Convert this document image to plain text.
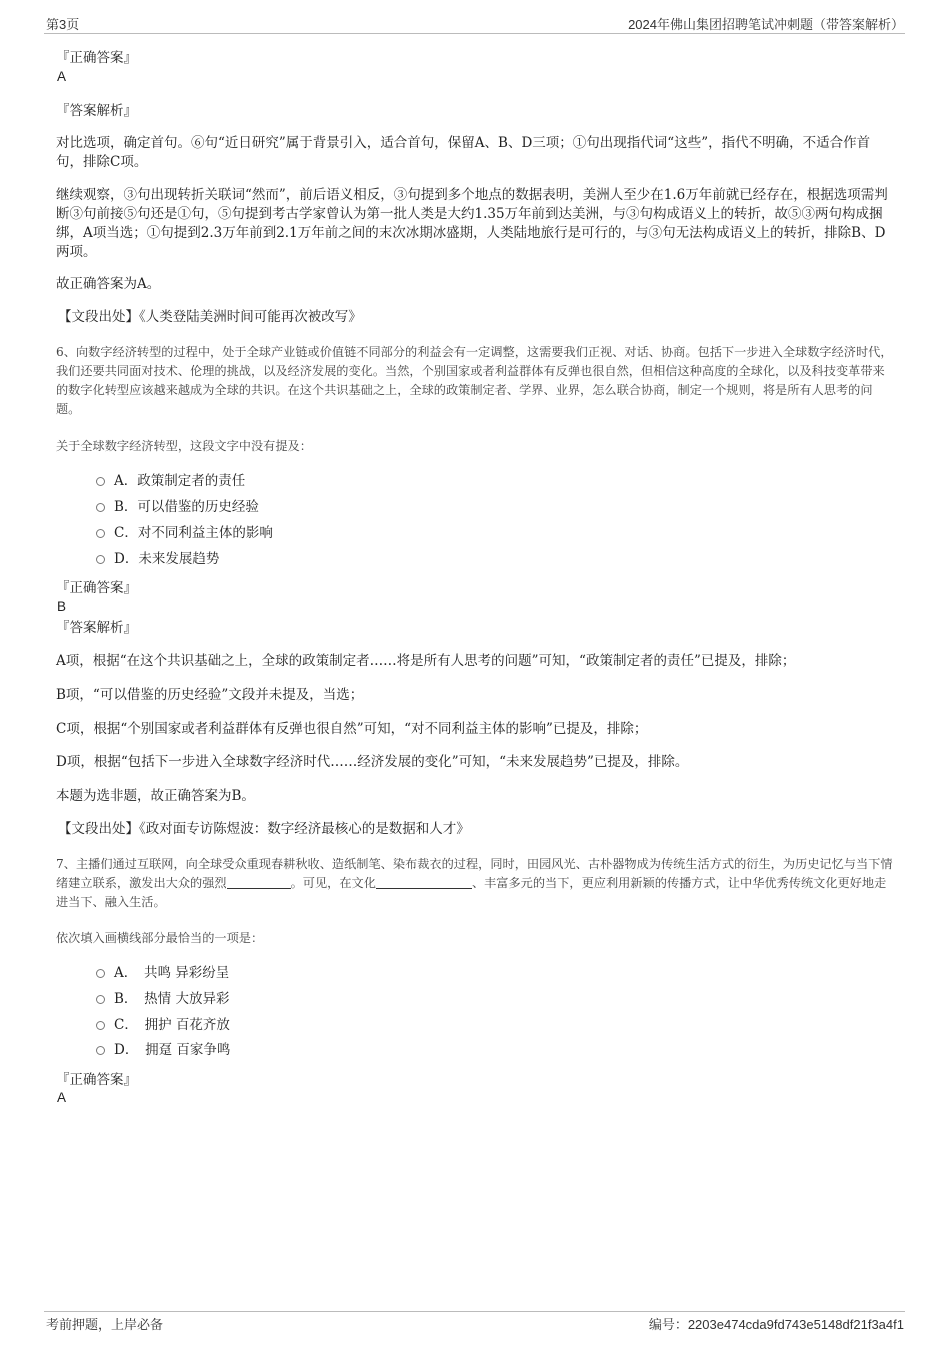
第3页	2024年佛山集团招聘笔试冲刺题（带答案解析）
『正确答案』
A
『答案解析』
对比选项，确定首句。⑥句“近日研究”属于背景引入，适合首句，保留A、B、D三项；①句出现指代词“这些”，指代不明确，不适合作首句，排除C项。
继续观察，③句出现转折关联词“然而”，前后语义相反，③句提到多个地点的数据表明，美洲人至少在1.6万年前就已经存在，根据选项需判断③句前接⑤句还是①句，⑤句提到考古学家曾认为第一批人类是大约1.35万年前到达美洲，与③句构成语义上的转折，故⑤③两句构成捆绑，A项当选；①句提到2.3万年前到2.1万年前之间的末次冰期冰盛期，人类陆地旅行是可行的，与③句无法构成语义上的转折，排除B、D两项。
故正确答案为A。
【文段出处】《人类登陆美洲时间可能再次被改写》
6、向数字经济转型的过程中，处于全球产业链或价值链不同部分的利益会有一定调整，这需要我们正视、对话、协商。包括下一步进入全球数字经济时代，我们还要共同面对技术、伦理的挑战，以及经济发展的变化。当然，个别国家或者利益群体有反弹也很自然，但相信这种高度的全球化，以及科技变革带来的数字化转型应该越来越成为全球的共识。在这个共识基础之上，全球的政策制定者、学界、业界，怎么联合协商，制定一个规则，将是所有人思考的问题。
关于全球数字经济转型，这段文字中没有提及：
A．政策制定者的责任
B．可以借鉴的历史经验
C．对不同利益主体的影响
D．未来发展趋势
『正确答案』
B
『答案解析』
A项，根据“在这个共识基础之上，全球的政策制定者……将是所有人思考的问题”可知，“政策制定者的责任”已提及，排除；
B项，“可以借鉴的历史经验”文段并未提及，当选；
C项，根据“个别国家或者利益群体有反弹也很自然”可知，“对不同利益主体的影响”已提及，排除；
D项，根据“包括下一步进入全球数字经济时代……经济发展的变化”可知，“未来发展趋势”已提及，排除。
本题为选非题，故正确答案为B。
【文段出处】《政对面专访陈煜波：数字经济最核心的是数据和人才》
7、主播们通过互联网，向全球受众重现春耕秋收、造纸制笔、染布裁衣的过程，同时，田园风光、古朴器物成为传统生活方式的衍生，为历史记忆与当下情绪建立联系，激发出大众的强烈	。可见，在文化	、丰富多元的当下，更应利用新颖的传播方式，让中华优秀传统文化更好地走进当下、融入生活。
依次填入画横线部分最恰当的一项是：
A．　共鸣 异彩纷呈
B．　热情 大放异彩
C．　拥护 百花齐放
D．　拥趸 百家争鸣
『正确答案』
A
考前押题，上岸必备	编号：2203e474cda9fd743e5148df21f3a4f1
